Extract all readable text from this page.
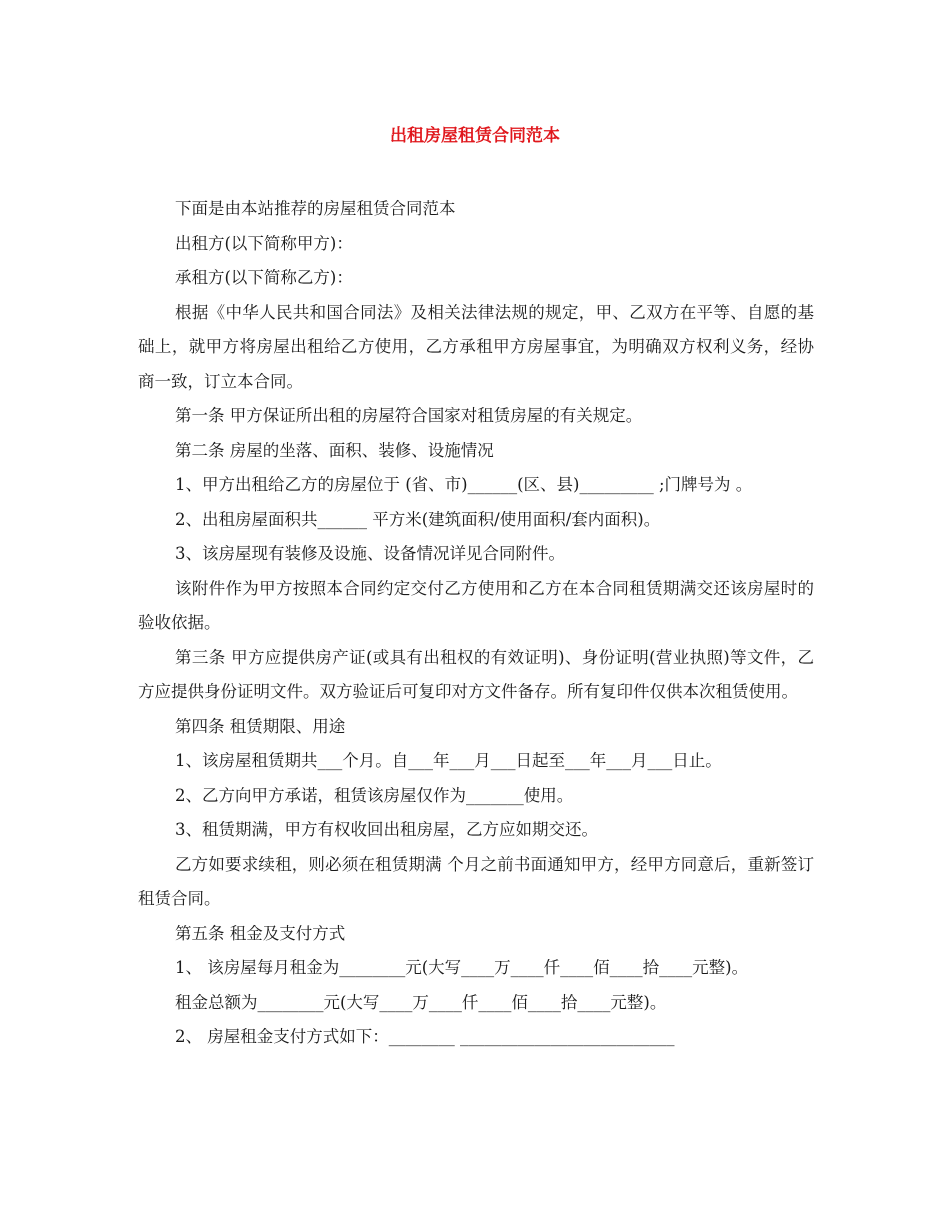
出租房屋租赁合同范本

下面是由本站推荐的房屋租赁合同范本

出租方(以下简称甲方)：

承租方(以下简称乙方)：

根据《中华人民共和国合同法》及相关法律法规的规定，甲、乙双方在平等、自愿的基础上，就甲方将房屋出租给乙方使用，乙方承租甲方房屋事宜，为明确双方权利义务，经协商一致，订立本合同。

第一条 甲方保证所出租的房屋符合国家对租赁房屋的有关规定。

第二条 房屋的坐落、面积、装修、设施情况

1、甲方出租给乙方的房屋位于 (省、市)______(区、县)_________ ;门牌号为 。

2、出租房屋面积共______ 平方米(建筑面积/使用面积/套内面积)。

3、该房屋现有装修及设施、设备情况详见合同附件。

该附件作为甲方按照本合同约定交付乙方使用和乙方在本合同租赁期满交还该房屋时的验收依据。

第三条 甲方应提供房产证(或具有出租权的有效证明)、身份证明(营业执照)等文件，乙方应提供身份证明文件。双方验证后可复印对方文件备存。所有复印件仅供本次租赁使用。

第四条 租赁期限、用途

1、该房屋租赁期共___个月。自___年___月___日起至___年___月___日止。

2、乙方向甲方承诺，租赁该房屋仅作为_______使用。

3、租赁期满，甲方有权收回出租房屋，乙方应如期交还。

乙方如要求续租，则必须在租赁期满 个月之前书面通知甲方，经甲方同意后，重新签订租赁合同。

第五条 租金及支付方式

1、 该房屋每月租金为________元(大写____万____仟____佰____拾____元整)。

租金总额为________元(大写____万____仟____佰____拾____元整)。

2、 房屋租金支付方式如下：________ __________________________
